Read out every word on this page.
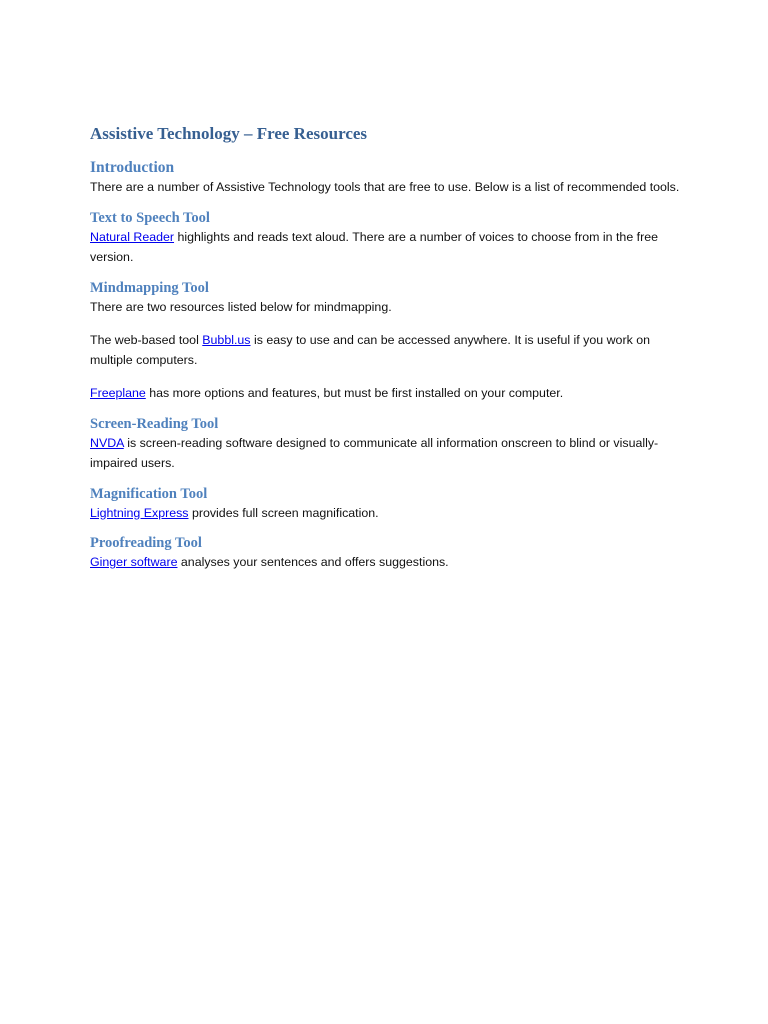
Assistive Technology – Free Resources
Introduction

There are a number of Assistive Technology tools that are free to use. Below is a list of recommended tools.

Text to Speech Tool

Natural Reader highlights and reads text aloud. There are a number of voices to choose from in the free version.

Mindmapping Tool

There are two resources listed below for mindmapping.

The web-based tool Bubbl.us is easy to use and can be accessed anywhere. It is useful if you work on multiple computers.

Freeplane has more options and features, but must be first installed on your computer.

Screen-Reading Tool

NVDA is screen-reading software designed to communicate all information onscreen to blind or visually-impaired users.

Magnification Tool

Lightning Express provides full screen magnification.

Proofreading Tool

Ginger software analyses your sentences and offers suggestions.
